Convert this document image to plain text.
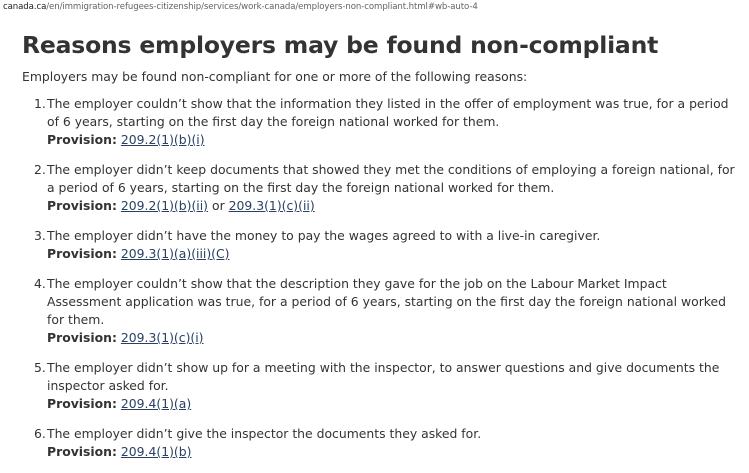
canada.ca/en/immigration-refugees-citizenship/services/work-canada/employers-non-compliant.html#wb-auto-4
Reasons employers may be found non-compliant

Employers may be found non-compliant for one or more of the following reasons:

1. The employer couldn’t show that the information they listed in the offer of employment was true, for a period of 6 years, starting on the first day the foreign national worked for them.
Provision: 209.2(1)(b)(i)
2. The employer didn’t keep documents that showed they met the conditions of employing a foreign national, for a period of 6 years, starting on the first day the foreign national worked for them.
Provision: 209.2(1)(b)(ii) or 209.3(1)(c)(ii)
3. The employer didn’t have the money to pay the wages agreed to with a live-in caregiver.
Provision: 209.3(1)(a)(iii)(C)
4. The employer couldn’t show that the description they gave for the job on the Labour Market Impact Assessment application was true, for a period of 6 years, starting on the first day the foreign national worked for them.
Provision: 209.3(1)(c)(i)
5. The employer didn’t show up for a meeting with the inspector, to answer questions and give documents the inspector asked for.
Provision: 209.4(1)(a)
6. The employer didn’t give the inspector the documents they asked for.
Provision: 209.4(1)(b)
